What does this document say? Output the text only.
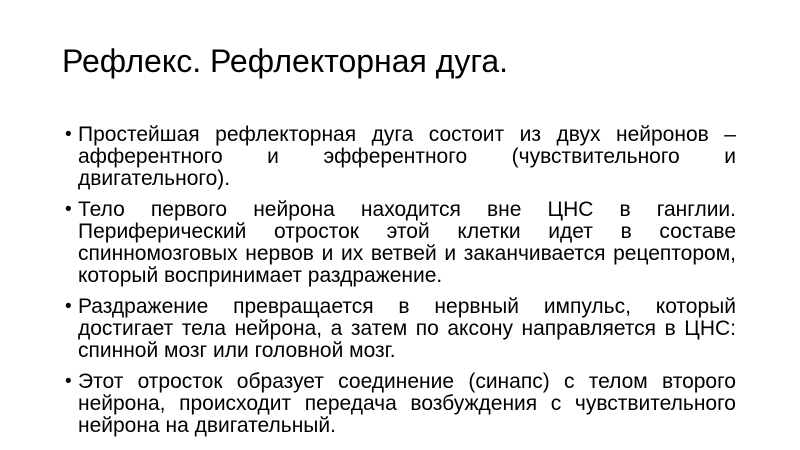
Рефлекс. Рефлекторная дуга.
• Простейшая рефлекторная дуга состоит из двух нейронов – афферентного и эфферентного (чувствительного и двигательного).
• Тело первого нейрона находится вне ЦНС в ганглии. Периферический отросток этой клетки идет в составе спинномозговых нервов и их ветвей и заканчивается рецептором, который воспринимает раздражение.
• Раздражение превращается в нервный импульс, который достигает тела нейрона, а затем по аксону направляется в ЦНС: спинной мозг или головной мозг.
• Этот отросток образует соединение (синапс) с телом второго нейрона, происходит передача возбуждения с чувствительного нейрона на двигательный.
